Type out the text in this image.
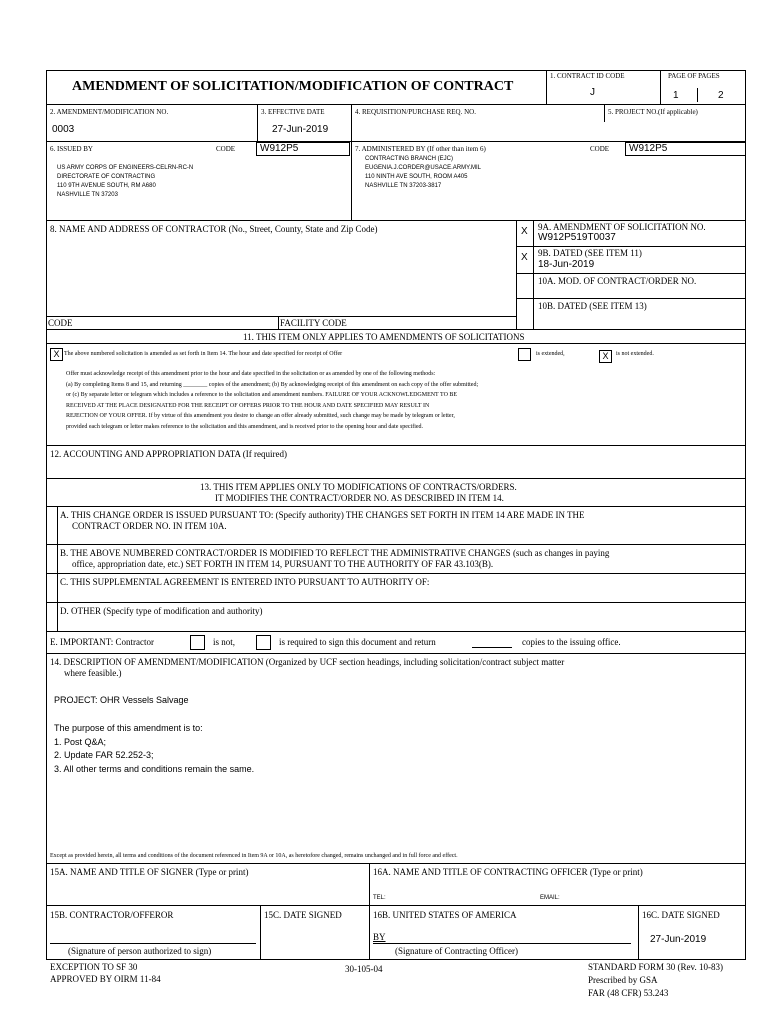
AMENDMENT OF SOLICITATION/MODIFICATION OF CONTRACT
1. CONTRACT ID CODE
J
PAGE OF PAGES
1	2
2. AMENDMENT/MODIFICATION NO.
0003
3. EFFECTIVE DATE
27-Jun-2019
4. REQUISITION/PURCHASE REQ. NO.	5. PROJECT NO.(If applicable)
6. ISSUED BY	CODE	W912P5
US ARMY CORPS OF ENGINEERS-CELRN-RC-N
DIRECTORATE OF CONTRACTING
110 9TH AVENUE SOUTH, RM A680
NASHVILLE TN 37203
7. ADMINISTERED BY (If other than item 6)	CODE	W912P5
CONTRACTING BRANCH (EJC)
EUGENIA.J.CORDER@USACE.ARMY.MIL
110 NINTH AVE SOUTH, ROOM A405
NASHVILLE TN 37203-3817
8. NAME AND ADDRESS OF CONTRACTOR (No., Street, County, State and Zip Code)	X 9A. AMENDMENT OF SOLICITATION NO.
W912P519T0037
X 9B. DATED (SEE ITEM 11)
18-Jun-2019
10A. MOD. OF CONTRACT/ORDER NO.
10B. DATED (SEE ITEM 13)
CODE	FACILITY CODE
11. THIS ITEM ONLY APPLIES TO AMENDMENTS OF SOLICITATIONS
X The above numbered solicitation is amended as set forth in Item 14. The hour and date specified for receipt of Offer	is extended,	X	is not extended.
Offer must acknowledge receipt of this amendment prior to the hour and date specified in the solicitation or as amended by one of the following methods:
(a) By completing Items 8 and 15, and returning ________ copies of the amendment; (b) By acknowledging receipt of this amendment on each copy of the offer submitted;
or (c) By separate letter or telegram which includes a reference to the solicitation and amendment numbers. FAILURE OF YOUR ACKNOWLEDGMENT TO BE
RECEIVED AT THE PLACE DESIGNATED FOR THE RECEIPT OF OFFERS PRIOR TO THE HOUR AND DATE SPECIFIED MAY RESULT IN
REJECTION OF YOUR OFFER. If by virtue of this amendment you desire to change an offer already submitted, such change may be made by telegram or letter,
provided each telegram or letter makes reference to the solicitation and this amendment, and is received prior to the opening hour and date specified.
12. ACCOUNTING AND APPROPRIATION DATA (If required)
13. THIS ITEM APPLIES ONLY TO MODIFICATIONS OF CONTRACTS/ORDERS.
IT MODIFIES THE CONTRACT/ORDER NO. AS DESCRIBED IN ITEM 14.
A. THIS CHANGE ORDER IS ISSUED PURSUANT TO: (Specify authority) THE CHANGES SET FORTH IN ITEM 14 ARE MADE IN THE
CONTRACT ORDER NO. IN ITEM 10A.
B. THE ABOVE NUMBERED CONTRACT/ORDER IS MODIFIED TO REFLECT THE ADMINISTRATIVE CHANGES (such as changes in paying
office, appropriation date, etc.) SET FORTH IN ITEM 14, PURSUANT TO THE AUTHORITY OF FAR 43.103(B).
C. THIS SUPPLEMENTAL AGREEMENT IS ENTERED INTO PURSUANT TO AUTHORITY OF:
D. OTHER (Specify type of modification and authority)
E. IMPORTANT: Contractor	is not,	is required to sign this document and return	copies to the issuing office.
14. DESCRIPTION OF AMENDMENT/MODIFICATION (Organized by UCF section headings, including solicitation/contract subject matter
where feasible.)
PROJECT: OHR Vessels Salvage
The purpose of this amendment is to:
1. Post Q&A;
2. Update FAR 52.252-3;
3. All other terms and conditions remain the same.
Except as provided herein, all terms and conditions of the document referenced in Item 9A or 10A, as heretofore changed, remains unchanged and in full force and effect.
15A. NAME AND TITLE OF SIGNER (Type or print)	16A. NAME AND TITLE OF CONTRACTING OFFICER (Type or print)
TEL:	EMAIL:
15B. CONTRACTOR/OFFEROR
(Signature of person authorized to sign)
15C. DATE SIGNED	16B. UNITED STATES OF AMERICA
BY
(Signature of Contracting Officer)
16C. DATE SIGNED
27-Jun-2019
EXCEPTION TO SF 30
APPROVED BY OIRM 11-84
30-105-04	STANDARD FORM 30 (Rev. 10-83)
Prescribed by GSA
FAR (48 CFR) 53.243
